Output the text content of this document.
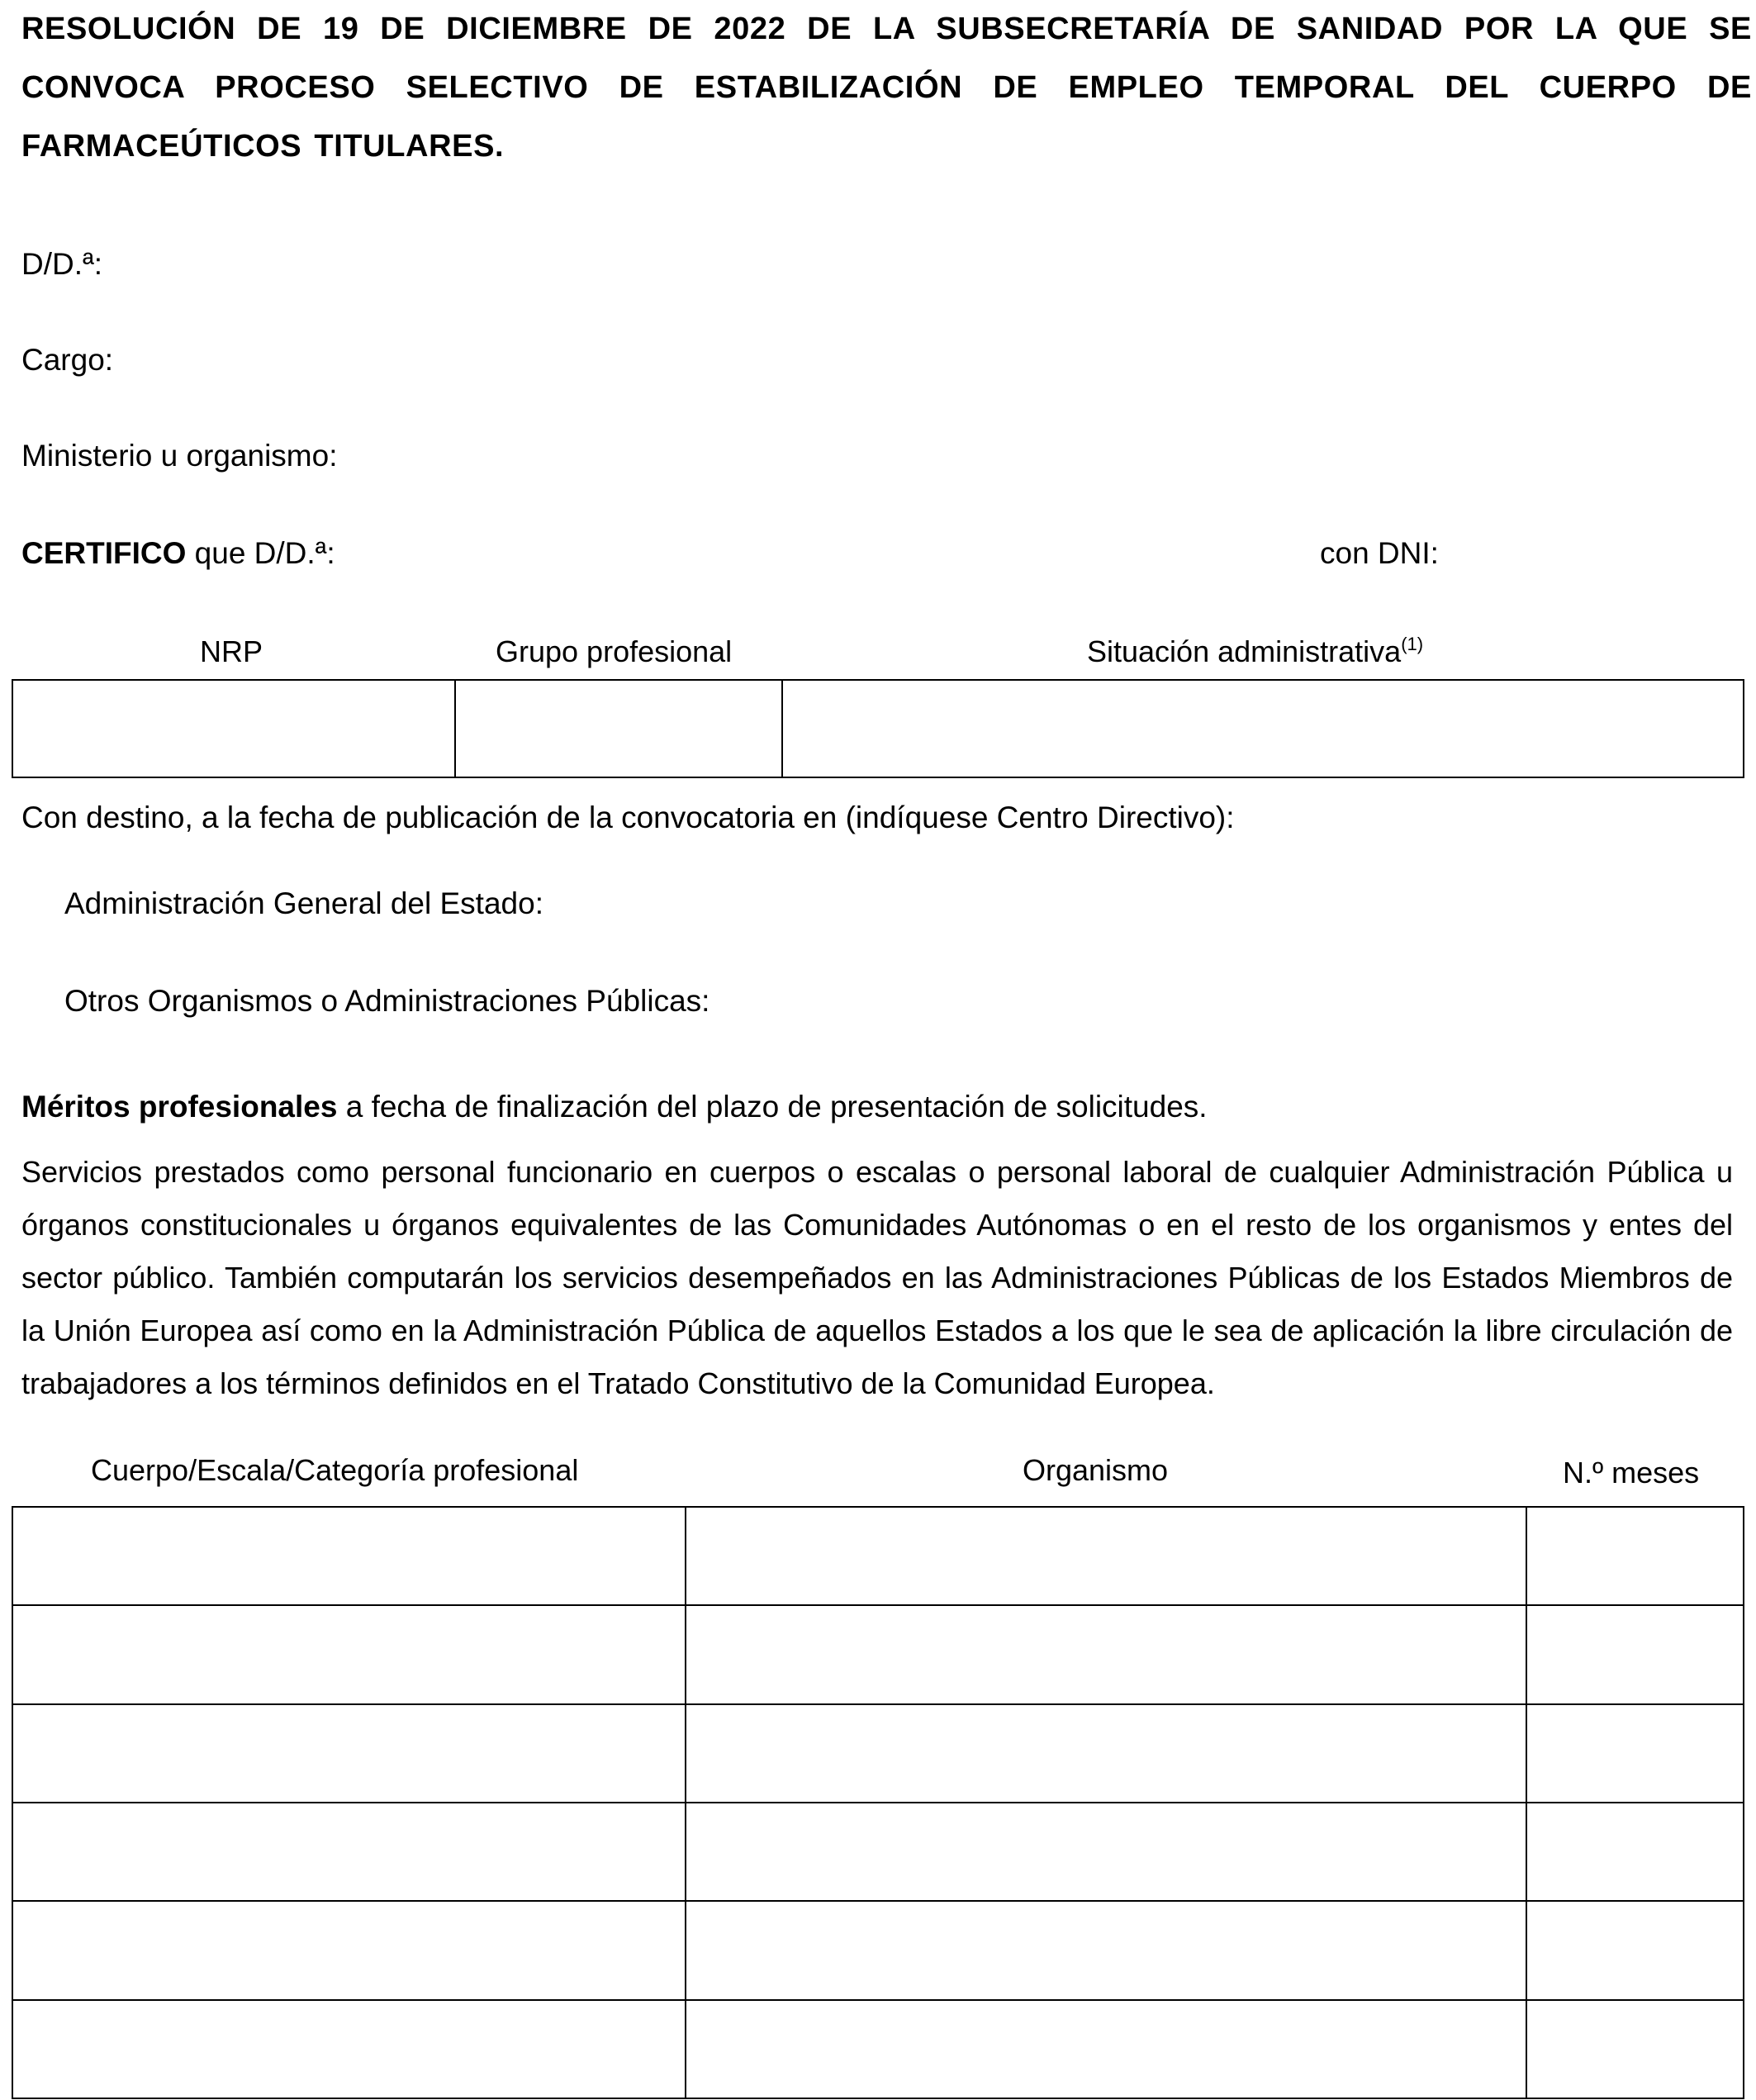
RESOLUCIÓN DE 19 DE DICIEMBRE DE 2022 DE LA SUBSECRETARÍA DE SANIDAD POR LA QUE SE CONVOCA PROCESO SELECTIVO DE ESTABILIZACIÓN DE EMPLEO TEMPORAL DEL CUERPO DE FARMACEÚTICOS TITULARES.
D/D.ª:
Cargo:
Ministerio u organismo:
CERTIFICO que D/D.ª:	con DNI:
NRP	Grupo profesional	Situación administrativa$^{(1)}$

Con destino, a la fecha de publicación de la convocatoria en (indíquese Centro Directivo):
Administración General del Estado:
Otros Organismos o Administraciones Públicas:
Méritos profesionales a fecha de finalización del plazo de presentación de solicitudes.
Servicios prestados como personal funcionario en cuerpos o escalas o personal laboral de cualquier Administración Pública u órganos constitucionales u órganos equivalentes de las Comunidades Autónomas o en el resto de los organismos y entes del sector público. También computarán los servicios desempeñados en las Administraciones Públicas de los Estados Miembros de la Unión Europea así como en la Administración Pública de aquellos Estados a los que le sea de aplicación la libre circulación de trabajadores a los términos definidos en el Tratado Constitutivo de la Comunidad Europea.
Cuerpo/Escala/Categoría profesional	Organismo	N.º meses
